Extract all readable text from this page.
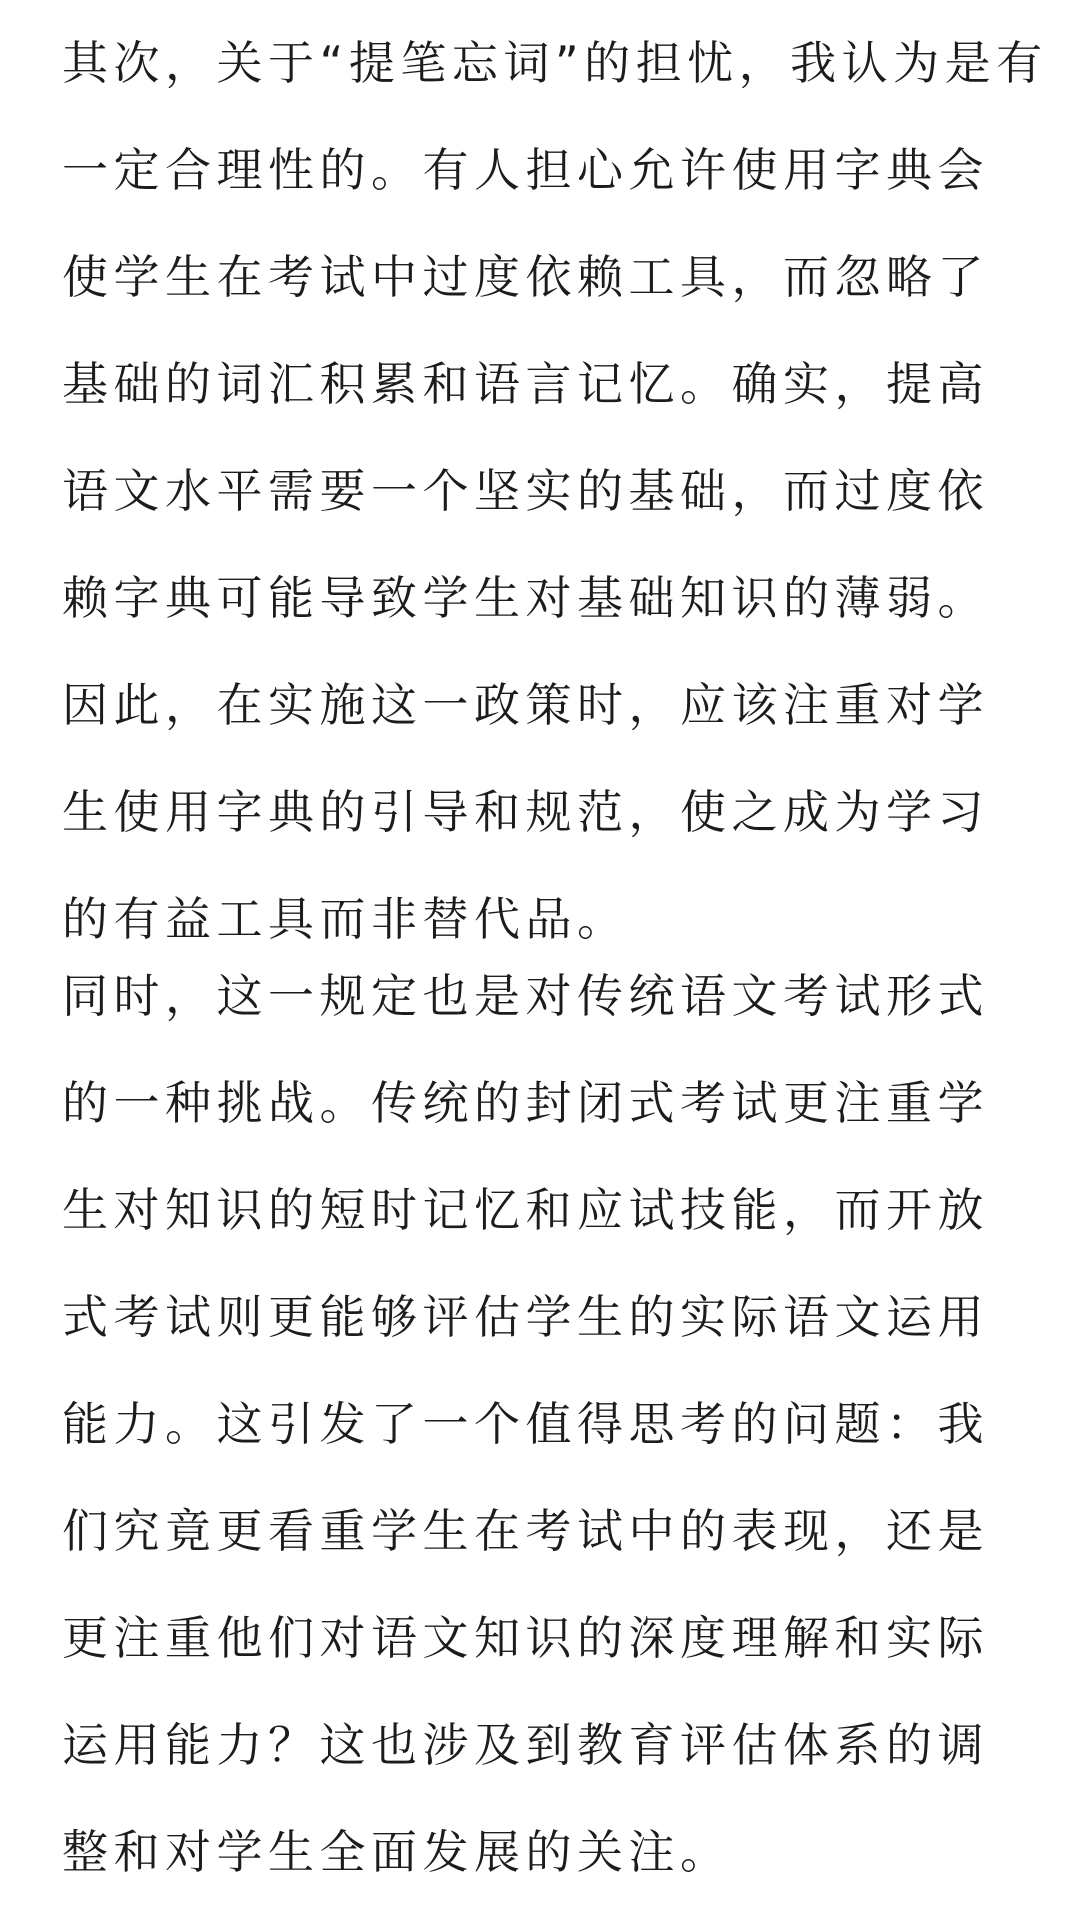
其次，关于“提笔忘词”的担忧，我认为是有
一定合理性的。有人担心允许使用字典会
使学生在考试中过度依赖工具，而忽略了
基础的词汇积累和语言记忆。确实，提高
语文水平需要一个坚实的基础，而过度依
赖字典可能导致学生对基础知识的薄弱。
因此，在实施这一政策时，应该注重对学
生使用字典的引导和规范，使之成为学习
的有益工具而非替代品。

同时，这一规定也是对传统语文考试形式
的一种挑战。传统的封闭式考试更注重学
生对知识的短时记忆和应试技能，而开放
式考试则更能够评估学生的实际语文运用
能力。这引发了一个值得思考的问题：我
们究竟更看重学生在考试中的表现，还是
更注重他们对语文知识的深度理解和实际
运用能力？这也涉及到教育评估体系的调
整和对学生全面发展的关注。
